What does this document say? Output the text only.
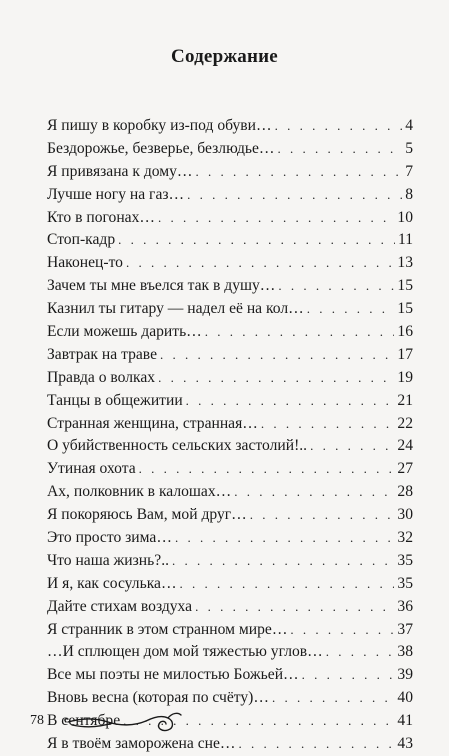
Содержание
Я пишу в коробку из-под обуви… . . .	4
Бездорожье, безверье, безлюдье… . . .	5
Я привязана к дому… . . .	7
Лучше ногу на газ… . . .	8
Кто в погонах… . . .	10
Стоп-кадр . . .	11
Наконец-то . . .	13
Зачем ты мне въелся так в душу… . . .	15
Казнил ты гитару — надел её на кол… . . .	15
Если можешь дарить… . . .	16
Завтрак на траве . . .	17
Правда о волках . . .	19
Танцы в общежитии . . .	21
Странная женщина, странная… . . .	22
О убийственность сельских застолий!.. . . .	24
Утиная охота . . .	27
Ах, полковник в калошах… . . .	28
Я покоряюсь Вам, мой друг… . . .	30
Это просто зима… . . .	32
Что наша жизнь?.. . . .	35
И я, как сосулька… . . .	35
Дайте стихам воздуха . . .	36
Я странник в этом странном мире… . . .	37
…И сплющен дом мой тяжестью углов… . . .	38
Все мы поэты не милостью Божьей… . . .	39
Вновь весна (которая по счёту)… . . .	40
В сентябре . . .	41
Я в твоём заморожена сне… . . .	43
78
